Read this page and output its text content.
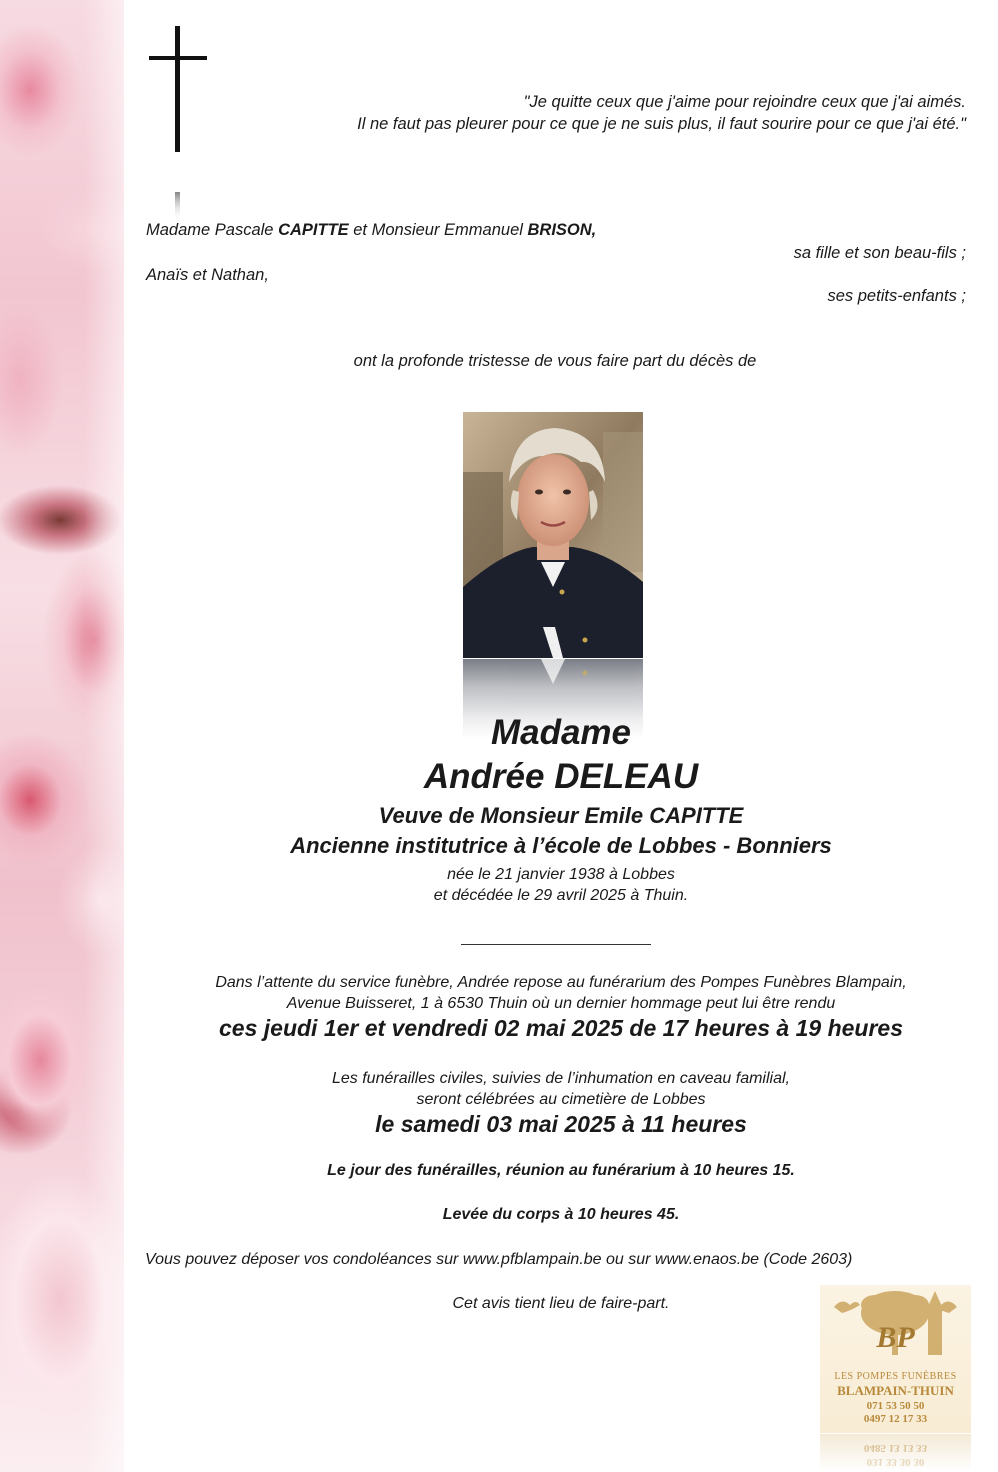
"Je quitte ceux que j'aime pour rejoindre ceux que j'ai aimés.
Il ne faut pas pleurer pour ce que je ne suis plus, il faut sourire pour ce que j'ai été."
Madame Pascale CAPITTE et Monsieur Emmanuel BRISON,
sa fille et son beau-fils ;
Anaïs et Nathan,
ses petits-enfants ;
ont la profonde tristesse de vous faire part du décès de
Madame
Andrée DELEAU
Veuve de Monsieur Emile CAPITTE
Ancienne institutrice à l’école de Lobbes - Bonniers
née le 21 janvier 1938 à Lobbes
et décédée le 29 avril 2025 à Thuin.
Dans l’attente du service funèbre, Andrée repose au funérarium des Pompes Funèbres Blampain,
Avenue Buisseret, 1 à 6530 Thuin où un dernier hommage peut lui être rendu
ces jeudi 1er et vendredi 02 mai 2025 de 17 heures à 19 heures
Les funérailles civiles, suivies de l’inhumation en caveau familial,
seront célébrées au cimetière de Lobbes
le samedi 03 mai 2025 à 11 heures
Le jour des funérailles, réunion au funérarium à 10 heures 15.
Levée du corps à 10 heures 45.
Vous pouvez déposer vos condoléances sur www.pfblampain.be ou sur www.enaos.be (Code 2603)
Cet avis tient lieu de faire-part.
BP
LES POMPES FUNÈBRES
BLAMPAIN-THUIN
071 53 50 50
0497 12 17 33
0485 13 13 33
031 33 30 30
